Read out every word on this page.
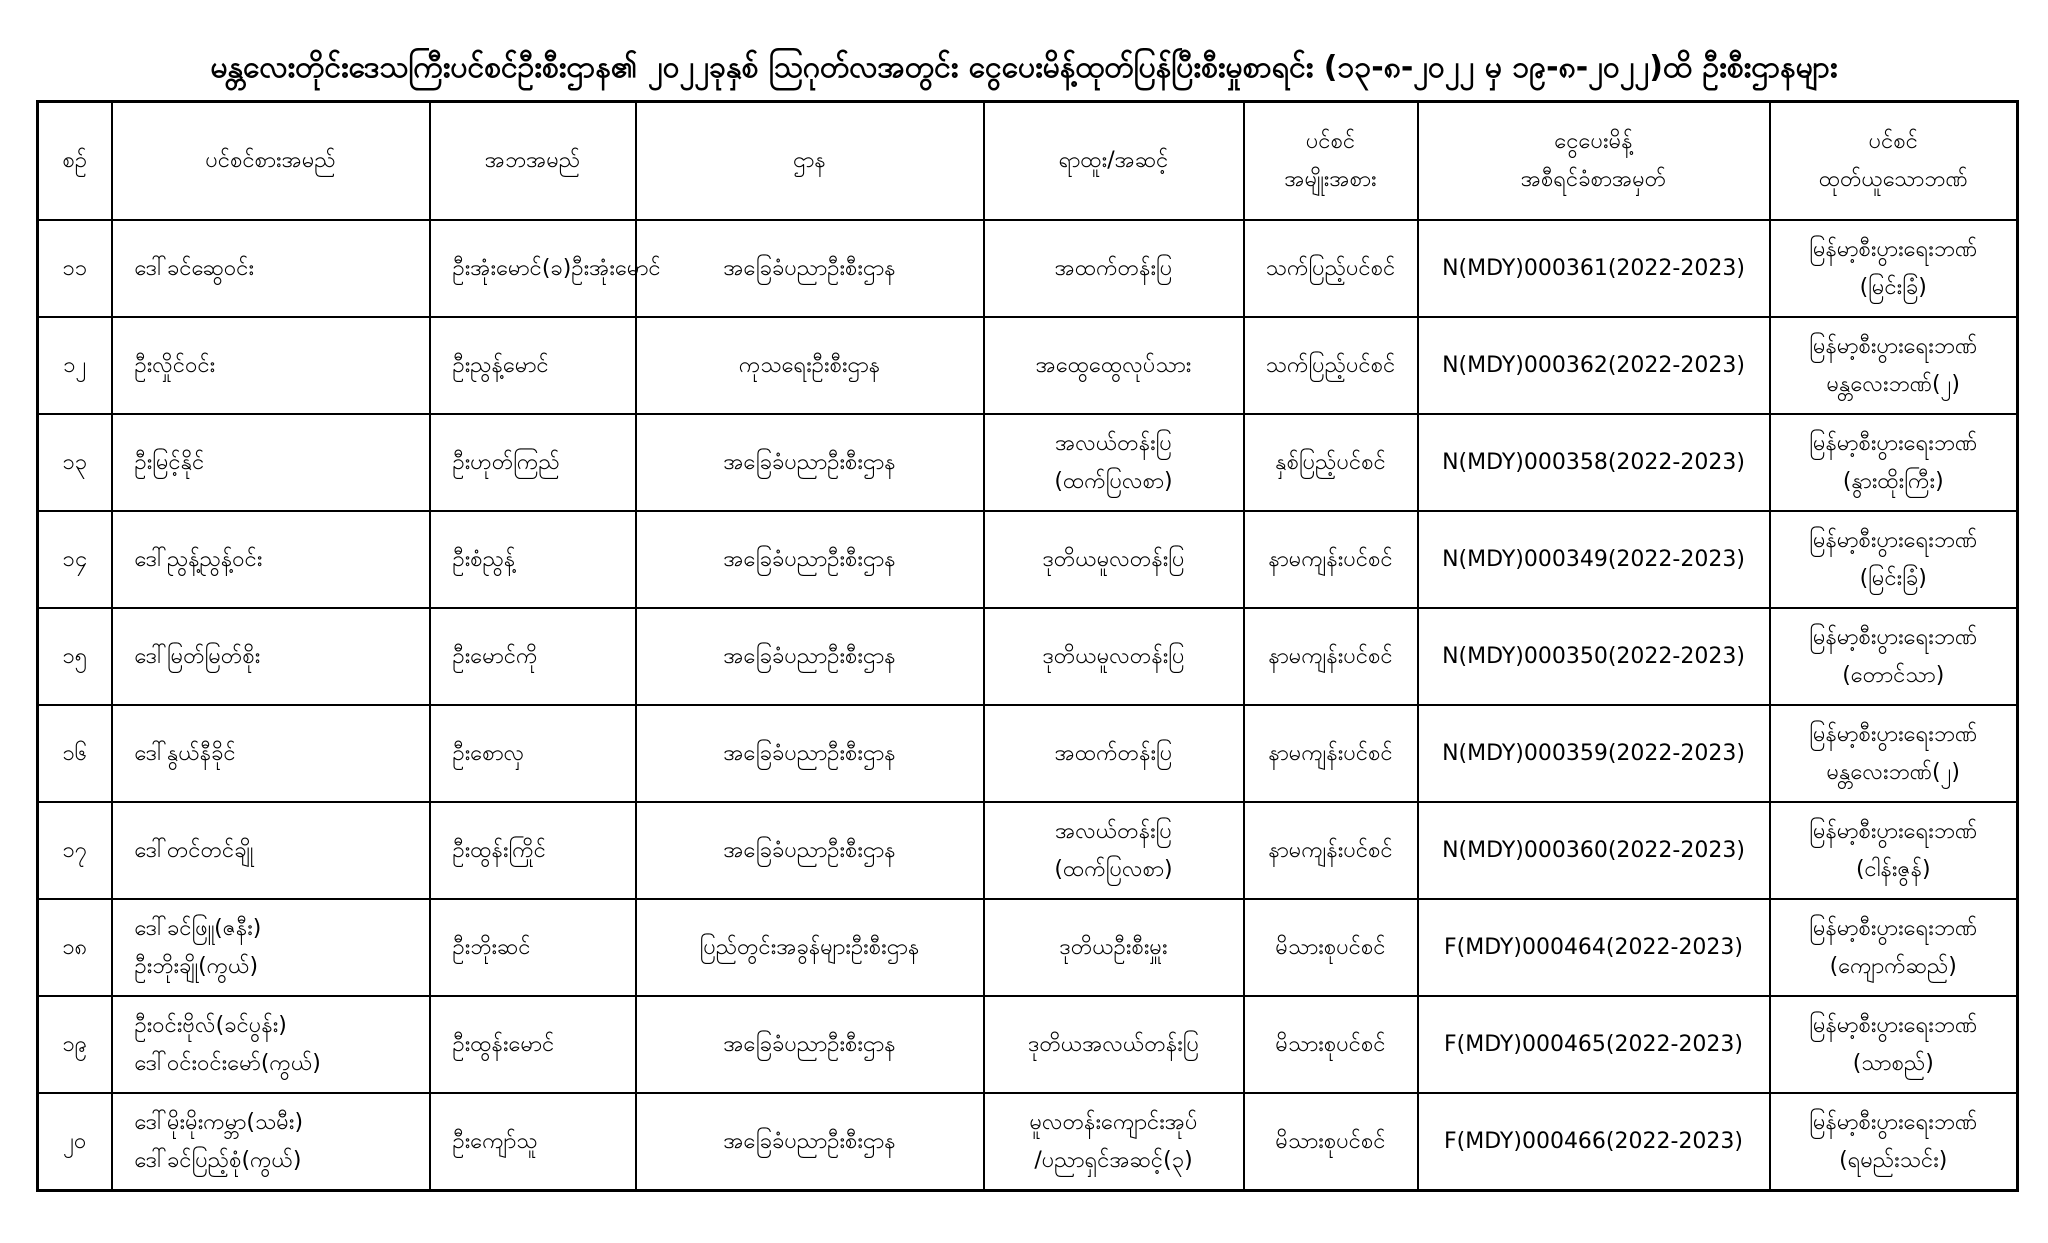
မန္တလေးတိုင်းဒေသကြီးပင်စင်ဦးစီးဌာန၏ ၂၀၂၂ခုနှစ် ဩဂုတ်လအတွင်း ငွေပေးမိန့်ထုတ်ပြန်ပြီးစီးမှုစာရင်း (၁၃-၈-၂၀၂၂ မှ ၁၉-၈-၂၀၂၂)ထိ ဦးစီးဌာနများ
စဉ်	ပင်စင်စားအမည်	အဘအမည်	ဌာန	ရာထူး/အဆင့်	ပင်စင်
အမျိုးအစား	ငွေပေးမိန့်
အစီရင်ခံစာအမှတ်	ပင်စင်
ထုတ်ယူသောဘဏ်

၁၁	ဒေါ်ခင်ဆွေဝင်း	ဦးအုံးမောင်(ခ)ဦးအုံးမောင်	အခြေခံပညာဦးစီးဌာန	အထက်တန်းပြ	သက်ပြည့်ပင်စင်	N(MDY)000361(2022-2023)	မြန်မာ့စီးပွားရေးဘဏ်
(မြင်းခြံ)

၁၂	ဦးလှိုင်ဝင်း	ဦးညွန့်မောင်	ကုသရေးဦးစီးဌာန	အထွေထွေလုပ်သား	သက်ပြည့်ပင်စင်	N(MDY)000362(2022-2023)	မြန်မာ့စီးပွားရေးဘဏ်
မန္တလေးဘဏ်(၂)

၁၃	ဦးမြင့်နိုင်	ဦးဟုတ်ကြည်	အခြေခံပညာဦးစီးဌာန	အလယ်တန်းပြ
(ထက်ပြလစာ)	နှစ်ပြည့်ပင်စင်	N(MDY)000358(2022-2023)	မြန်မာ့စီးပွားရေးဘဏ်
(နွားထိုးကြီး)

၁၄	ဒေါ်ညွန့်ညွန့်ဝင်း	ဦးစံညွန့်	အခြေခံပညာဦးစီးဌာန	ဒုတိယမူလတန်းပြ	နာမကျန်းပင်စင်	N(MDY)000349(2022-2023)	မြန်မာ့စီးပွားရေးဘဏ်
(မြင်းခြံ)

၁၅	ဒေါ်မြတ်မြတ်စိုး	ဦးမောင်ကို	အခြေခံပညာဦးစီးဌာန	ဒုတိယမူလတန်းပြ	နာမကျန်းပင်စင်	N(MDY)000350(2022-2023)	မြန်မာ့စီးပွားရေးဘဏ်
(တောင်သာ)

၁၆	ဒေါ်နွယ်နီခိုင်	ဦးစောလှ	အခြေခံပညာဦးစီးဌာန	အထက်တန်းပြ	နာမကျန်းပင်စင်	N(MDY)000359(2022-2023)	မြန်မာ့စီးပွားရေးဘဏ်
မန္တလေးဘဏ်(၂)

၁၇	ဒေါ်တင်တင်ချို	ဦးထွန်းကြိုင်	အခြေခံပညာဦးစီးဌာန	အလယ်တန်းပြ
(ထက်ပြလစာ)	နာမကျန်းပင်စင်	N(MDY)000360(2022-2023)	မြန်မာ့စီးပွားရေးဘဏ်
(ငါန်းဇွန်)

၁၈	ဒေါ်ခင်ဖြူ(ဇနီး)
ဦးဘိုးချို(ကွယ်)	ဦးဘိုးဆင်	ပြည်တွင်းအခွန်များဦးစီးဌာန	ဒုတိယဦးစီးမှူး	မိသားစုပင်စင်	F(MDY)000464(2022-2023)	မြန်မာ့စီးပွားရေးဘဏ်
(ကျောက်ဆည်)

၁၉	ဦးဝင်းဗိုလ်(ခင်ပွန်း)
ဒေါ်ဝင်းဝင်းမော်(ကွယ်)	ဦးထွန်းမောင်	အခြေခံပညာဦးစီးဌာန	ဒုတိယအလယ်တန်းပြ	မိသားစုပင်စင်	F(MDY)000465(2022-2023)	မြန်မာ့စီးပွားရေးဘဏ်
(သာစည်)

၂၀	ဒေါ်မိုးမိုးကမ္ဘာ(သမီး)
ဒေါ်ခင်ပြည့်စုံ(ကွယ်)	ဦးကျော်သူ	အခြေခံပညာဦးစီးဌာန	မူလတန်းကျောင်းအုပ်
/ပညာရှင်အဆင့်(၃)	မိသားစုပင်စင်	F(MDY)000466(2022-2023)	မြန်မာ့စီးပွားရေးဘဏ်
(ရမည်းသင်း)
